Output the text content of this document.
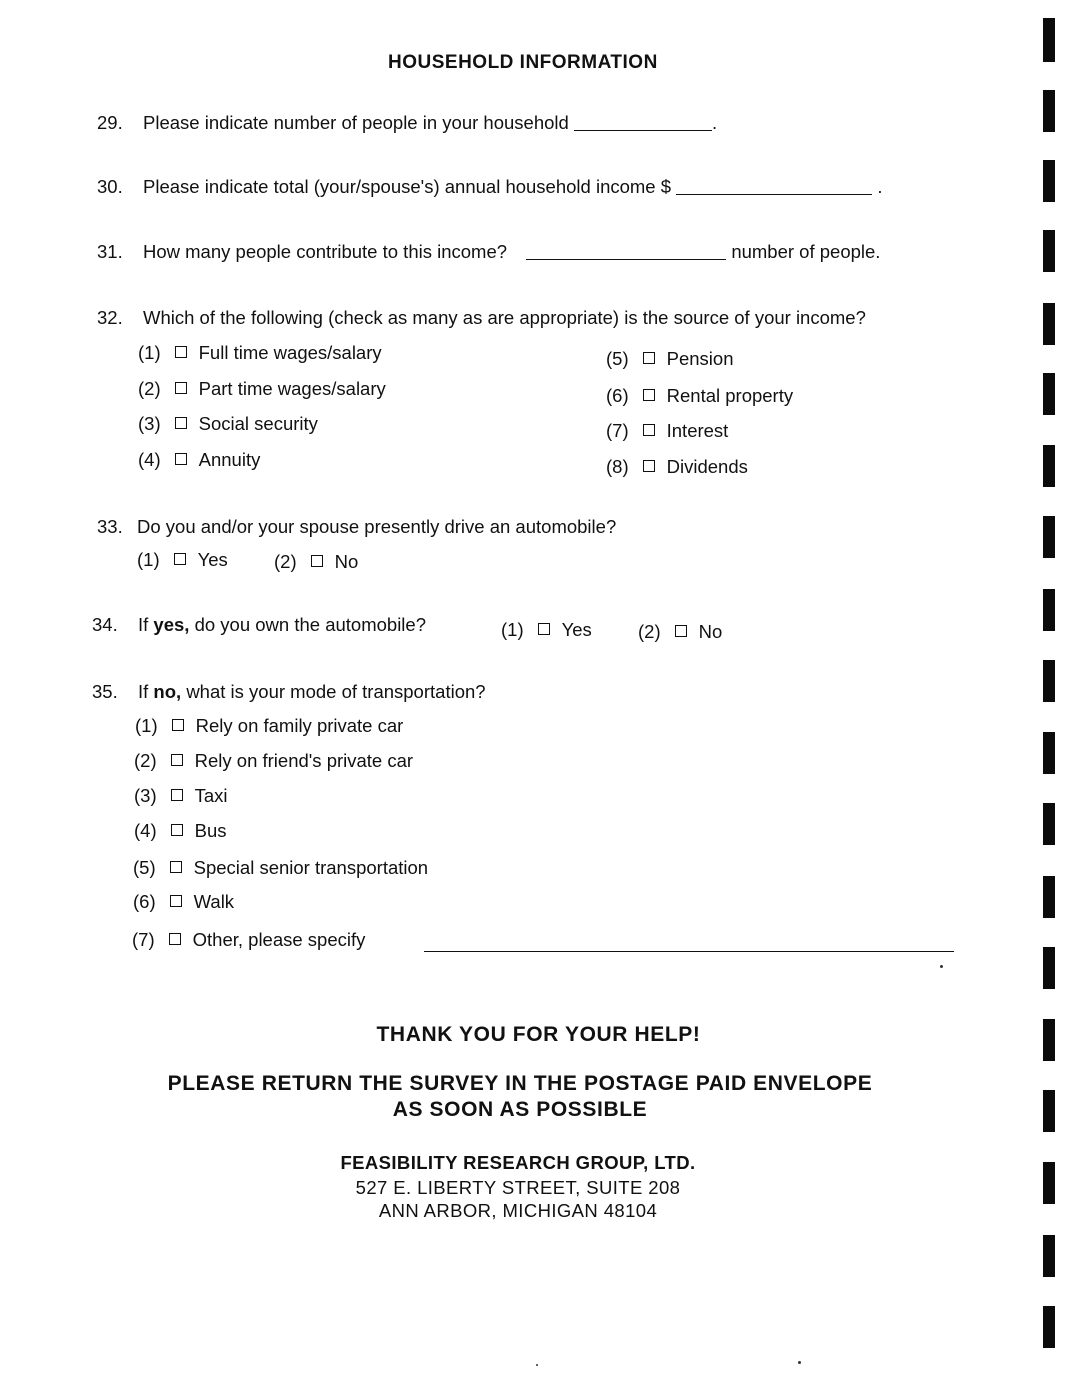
HOUSEHOLD INFORMATION
29. Please indicate number of people in your household	.
30. Please indicate total (your/spouse's) annual household income $	.
31. How many people contribute to this income?	number of people.
32. Which of the following (check as many as are appropriate) is the source of your income?
(1) Full time wages/salary
(2) Part time wages/salary
(3) Social security
(4) Annuity
(5) Pension
(6) Rental property
(7) Interest
(8) Dividends
33. Do you and/or your spouse presently drive an automobile?
(1) Yes (2) No
34. If yes, do you own the automobile?	(1) Yes (2) No
35. If no, what is your mode of transportation?
(1) Rely on family private car
(2) Rely on friend's private car
(3) Taxi
(4) Bus
(5) Special senior transportation
(6) Walk
(7) Other, please specify
THANK YOU FOR YOUR HELP!
PLEASE RETURN THE SURVEY IN THE POSTAGE PAID ENVELOPE
AS SOON AS POSSIBLE
FEASIBILITY RESEARCH GROUP, LTD.
527 E. LIBERTY STREET, SUITE 208
ANN ARBOR, MICHIGAN 48104
